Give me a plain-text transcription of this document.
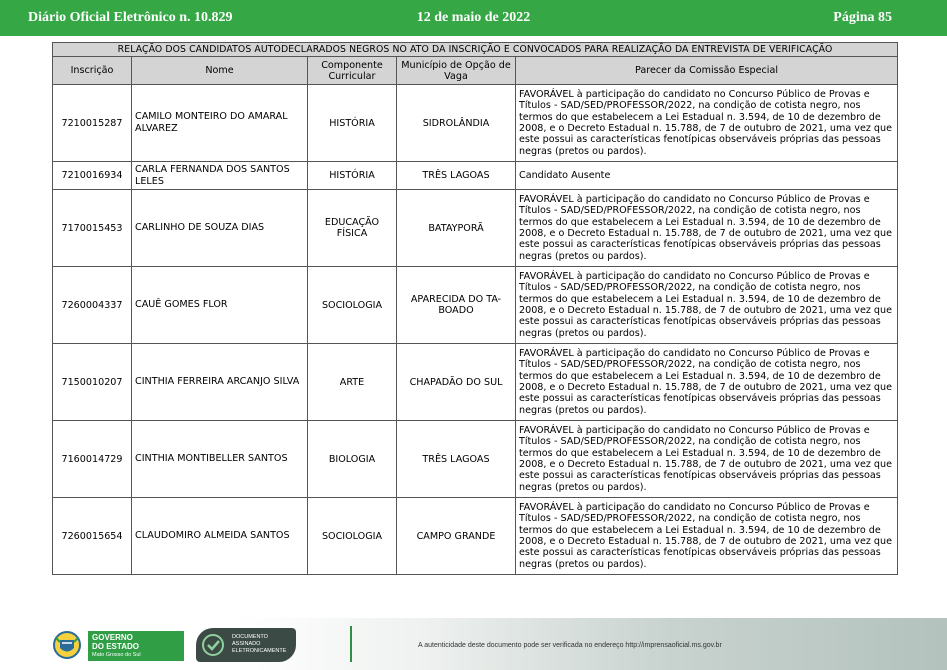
12 de maio de 2022
Diário Oficial Eletrônico n. 10.829	Página 85
RELAÇÃO DOS CANDIDATOS AUTODECLARADOS NEGROS NO ATO DA INSCRIÇÃO E CONVOCADOS PARA REALIZAÇÃO DA ENTREVISTA DE VERIFICAÇÃO				
Inscrição	Nome	Componente Curricular	Município de Opção de Vaga	Parecer da Comissão Especial
7210015287	CAMILO MONTEIRO DO AMARAL ALVAREZ	HISTÓRIA	SIDROLÂNDIA	FAVORÁVEL à participação do candidato no Concurso Público de Provas e Títulos - SAD/SED/PROFESSOR/2022, na condição de cotista negro, nos termos do que estabelecem a Lei Estadual n. 3.594, de 10 de dezembro de 2008, e o Decreto Estadual n. 15.788, de 7 de outubro de 2021, uma vez que este possui as características fenotípicas observáveis próprias das pessoas negras (pretos ou pardos).
7210016934	CARLA FERNANDA DOS SANTOS LELES	HISTÓRIA	TRÊS LAGOAS	Candidato Ausente
7170015453	CARLINHO DE SOUZA DIAS	EDUCAÇÃO FÍSICA	BATAYPORÃ	FAVORÁVEL à participação do candidato no Concurso Público de Provas e Títulos - SAD/SED/PROFESSOR/2022, na condição de cotista negro, nos termos do que estabelecem a Lei Estadual n. 3.594, de 10 de dezembro de 2008, e o Decreto Estadual n. 15.788, de 7 de outubro de 2021, uma vez que este possui as características fenotípicas observáveis próprias das pessoas negras (pretos ou pardos).
7260004337	CAUÊ GOMES FLOR	SOCIOLOGIA	APARECIDA DO TA-BOADO	FAVORÁVEL à participação do candidato no Concurso Público de Provas e Títulos - SAD/SED/PROFESSOR/2022, na condição de cotista negro, nos termos do que estabelecem a Lei Estadual n. 3.594, de 10 de dezembro de 2008, e o Decreto Estadual n. 15.788, de 7 de outubro de 2021, uma vez que este possui as características fenotípicas observáveis próprias das pessoas negras (pretos ou pardos).
7150010207	CINTHIA FERREIRA ARCANJO SILVA	ARTE	CHAPADÃO DO SUL	FAVORÁVEL à participação do candidato no Concurso Público de Provas e Títulos - SAD/SED/PROFESSOR/2022, na condição de cotista negro, nos termos do que estabelecem a Lei Estadual n. 3.594, de 10 de dezembro de 2008, e o Decreto Estadual n. 15.788, de 7 de outubro de 2021, uma vez que este possui as características fenotípicas observáveis próprias das pessoas negras (pretos ou pardos).
7160014729	CINTHIA MONTIBELLER SANTOS	BIOLOGIA	TRÊS LAGOAS	FAVORÁVEL à participação do candidato no Concurso Público de Provas e Títulos - SAD/SED/PROFESSOR/2022, na condição de cotista negro, nos termos do que estabelecem a Lei Estadual n. 3.594, de 10 de dezembro de 2008, e o Decreto Estadual n. 15.788, de 7 de outubro de 2021, uma vez que este possui as características fenotípicas observáveis próprias das pessoas negras (pretos ou pardos).
7260015654	CLAUDOMIRO ALMEIDA SANTOS	SOCIOLOGIA	CAMPO GRANDE	FAVORÁVEL à participação do candidato no Concurso Público de Provas e Títulos - SAD/SED/PROFESSOR/2022, na condição de cotista negro, nos termos do que estabelecem a Lei Estadual n. 3.594, de 10 de dezembro de 2008, e o Decreto Estadual n. 15.788, de 7 de outubro de 2021, uma vez que este possui as características fenotípicas observáveis próprias das pessoas negras (pretos ou pardos).
GOVERNO
DO ESTADO
Mato Grosso do Sul
DOCUMENTO
ASSINADO
ELETRONICAMENTE
A autenticidade deste documento pode ser verificada no endereço http://imprensaoficial.ms.gov.br
